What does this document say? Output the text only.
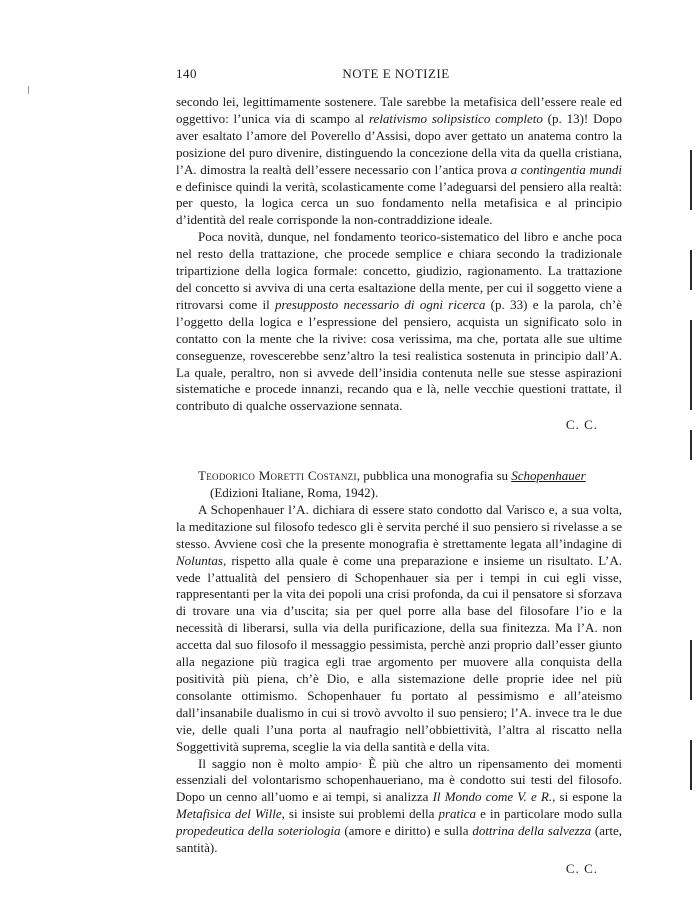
140	NOTE E NOTIZIE

secondo lei, legittimamente sostenere. Tale sarebbe la metafisica dell’essere reale ed oggettivo: l’unica via di scampo al relativismo solipsistico completo (p. 13)! Dopo aver esaltato l’amore del Poverello d’Assisi, dopo aver gettato un anatema contro la posizione del puro divenire, distinguendo la concezione della vita da quella cristiana, l’A. dimostra la realtà dell’essere necessario con l’antica prova a contingentia mundi e definisce quindi la verità, scolasticamente come l’adeguarsi del pensiero alla realtà: per questo, la logica cerca un suo fondamento nella metafisica e al principio d’identità del reale corrisponde la non-contraddizione ideale.

Poca novità, dunque, nel fondamento teorico-sistematico del libro e anche poca nel resto della trattazione, che procede semplice e chiara secondo la tradizionale tripartizione della logica formale: concetto, giudizio, ragionamento. La trattazione del concetto si avviva di una certa esaltazione della mente, per cui il soggetto viene a ritrovarsi come il presupposto necessario di ogni ricerca (p. 33) e la parola, ch’è l’oggetto della logica e l’espressione del pensiero, acquista un significato solo in contatto con la mente che la rivive: cosa verissima, ma che, portata alle sue ultime conseguenze, rovescerebbe senz’altro la tesi realistica sostenuta in principio dall’A. La quale, peraltro, non si avvede dell’insidia contenuta nelle sue stesse aspirazioni sistematiche e procede innanzi, recando qua e là, nelle vecchie questioni trattate, il contributo di qualche osservazione sennata.

C. C.

Teodorico Moretti Costanzi, pubblica una monografia su Schopenhauer
(Edizioni Italiane, Roma, 1942).

A Schopenhauer l’A. dichiara di essere stato condotto dal Varisco e, a sua volta, la meditazione sul filosofo tedesco gli è servita perché il suo pensiero si rivelasse a se stesso. Avviene così che la presente monografia è strettamente legata all’indagine di Noluntas, rispetto alla quale è come una preparazione e insieme un risultato. L’A. vede l’attualità del pensiero di Schopenhauer sia per i tempi in cui egli visse, rappresentanti per la vita dei popoli una crisi profonda, da cui il pensatore si sforzava di trovare una via d’uscita; sia per quel porre alla base del filosofare l’io e la necessità di liberarsi, sulla via della purificazione, della sua finitezza. Ma l’A. non accetta dal suo filosofo il messaggio pessimista, perchè anzi proprio dall’esser giunto alla negazione più tragica egli trae argomento per muovere alla conquista della positività più piena, ch’è Dio, e alla sistemazione delle proprie idee nel più consolante ottimismo. Schopenhauer fu portato al pessimismo e all’ateismo dall’insanabile dualismo in cui si trovò avvolto il suo pensiero; l’A. invece tra le due vie, delle quali l’una porta al naufragio nell’obbiettività, l’altra al riscatto nella Soggettività suprema, sceglie la via della santità e della vita.

Il saggio non è molto ampio· È più che altro un ripensamento dei momenti essenziali del volontarismo schopenhaueriano, ma è condotto sui testi del filosofo. Dopo un cenno all’uomo e ai tempi, si analizza Il Mondo come V. e R., si espone la Metafisica del Wille, si insiste sui problemi della pratica e in particolare modo sulla propedeutica della soteriologia (amore e diritto) e sulla dottrina della salvezza (arte, santità).

C. C.
